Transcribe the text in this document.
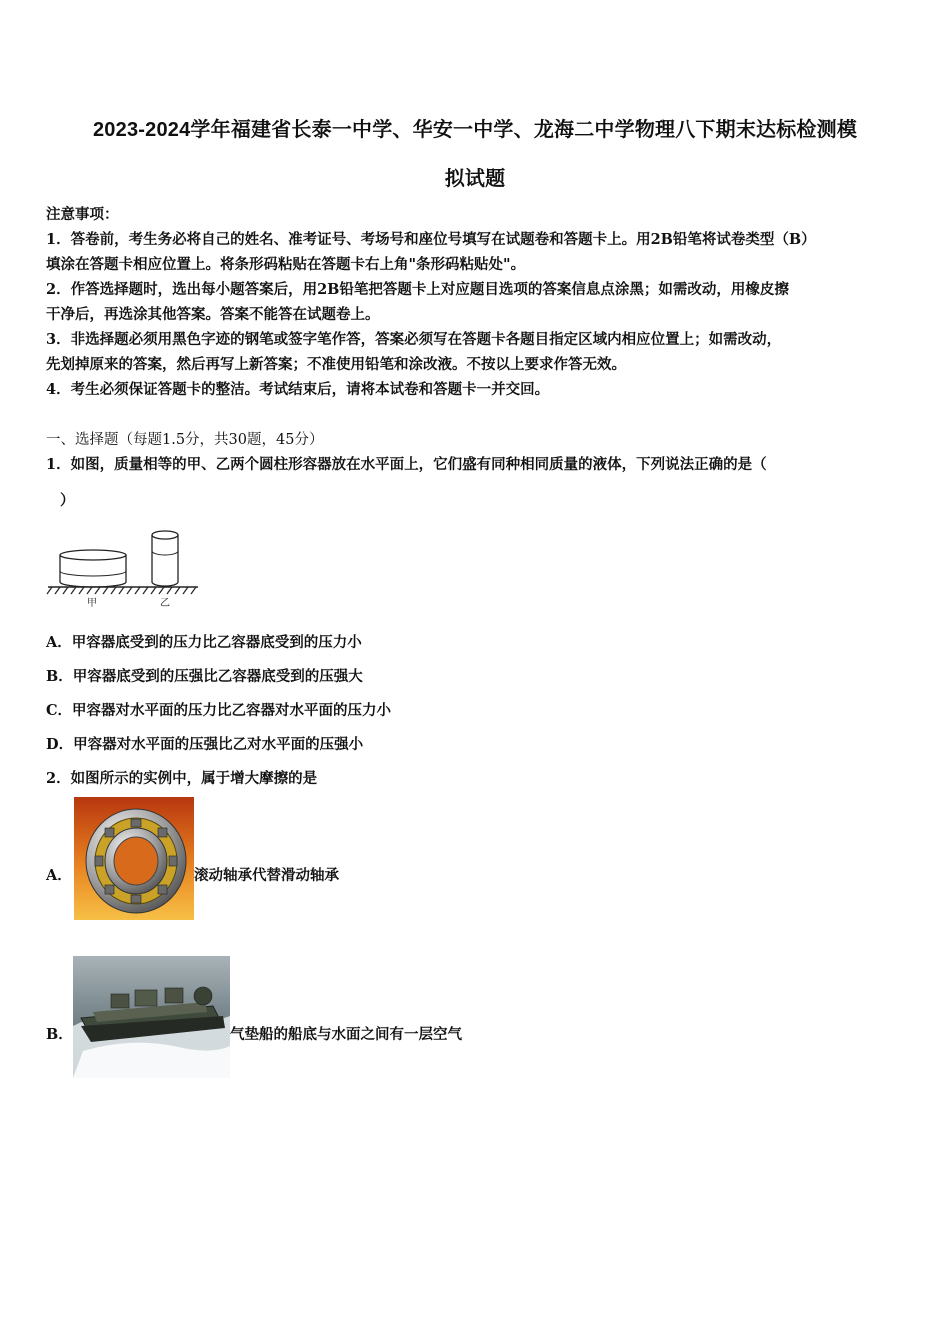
2023-2024学年福建省长泰一中学、华安一中学、龙海二中学物理八下期末达标检测模
拟试题
注意事项：
1．答卷前，考生务必将自己的姓名、准考证号、考场号和座位号填写在试题卷和答题卡上。用2B铅笔将试卷类型（B）
填涂在答题卡相应位置上。将条形码粘贴在答题卡右上角"条形码粘贴处"。
2．作答选择题时，选出每小题答案后，用2B铅笔把答题卡上对应题目选项的答案信息点涂黑；如需改动，用橡皮擦
干净后，再选涂其他答案。答案不能答在试题卷上。
3．非选择题必须用黑色字迹的钢笔或签字笔作答，答案必须写在答题卡各题目指定区域内相应位置上；如需改动，
先划掉原来的答案，然后再写上新答案；不准使用铅笔和涂改液。不按以上要求作答无效。
4．考生必须保证答题卡的整洁。考试结束后，请将本试卷和答题卡一并交回。
一、选择题（每题1.5分，共30题，45分）
1．如图，质量相等的甲、乙两个圆柱形容器放在水平面上，它们盛有同种相同质量的液体，下列说法正确的是（
）
甲	乙
A．甲容器底受到的压力比乙容器底受到的压力小
B．甲容器底受到的压强比乙容器底受到的压强大
C．甲容器对水平面的压力比乙容器对水平面的压力小
D．甲容器对水平面的压强比乙对水平面的压强小
2．如图所示的实例中，属于增大摩擦的是
A．	滚动轴承代替滑动轴承
B．	气垫船的船底与水面之间有一层空气
